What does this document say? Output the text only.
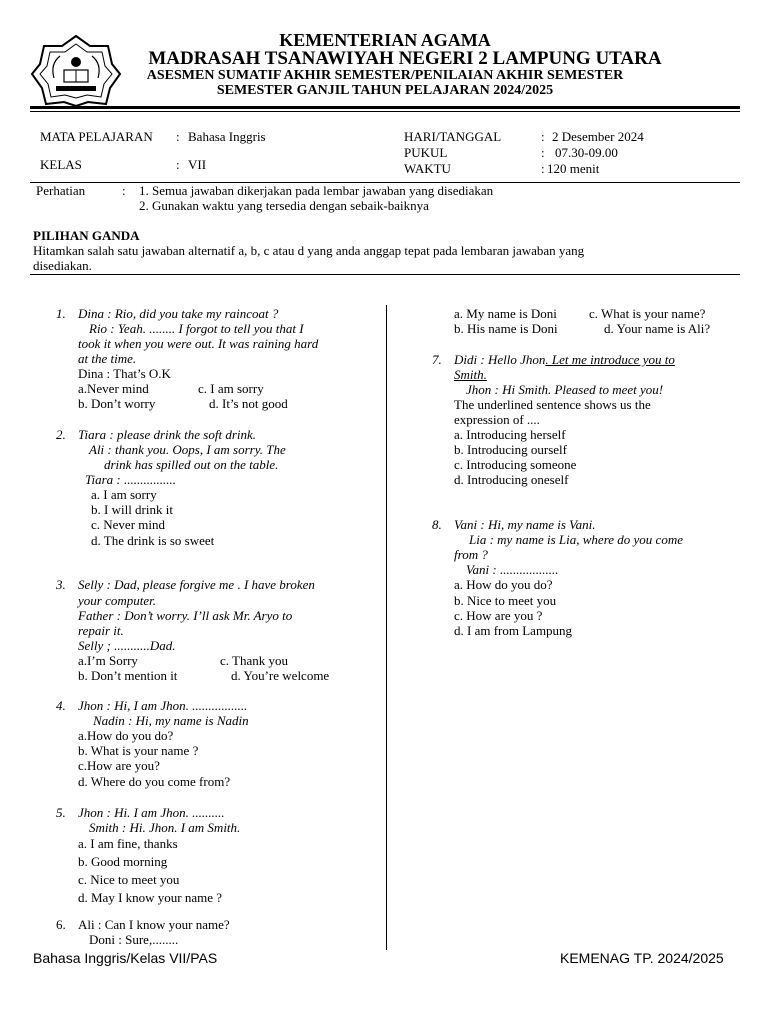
KEMENTERIAN AGAMA
MADRASAH TSANAWIYAH NEGERI 2 LAMPUNG UTARA
ASESMEN SUMATIF AKHIR SEMESTER/PENILAIAN AKHIR SEMESTER
SEMESTER GANJIL TAHUN PELAJARAN 2024/2025
MATA PELAJARAN : Bahasa Inggris
KELAS	: VII
HARI/TANGGAL	: 2 Desember 2024
PUKUL	: 07.30-09.00
WAKTU	: 120 menit
Perhatian	: 1. Semua jawaban dikerjakan pada lembar jawaban yang disediakan
2. Gunakan waktu yang tersedia dengan sebaik-baiknya
PILIHAN GANDA
Hitamkan salah satu jawaban alternatif a, b, c atau d yang anda anggap tepat pada lembaran jawaban yang
disediakan.
1. Dina : Rio, did you take my raincoat ?
Rio : Yeah. ........ I forgot to tell you that I
took it when you were out. It was raining hard
at the time.
Dina : That’s O.K
a.Never mind	c. I am sorry
b. Don’t worry	d. It’s not good
2. Tiara : please drink the soft drink.
Ali : thank you. Oops, I am sorry. The
drink has spilled out on the table.
Tiara : ................
a. I am sorry
b. I will drink it
c. Never mind
d. The drink is so sweet
3. Selly : Dad, please forgive me . I have broken
your computer.
Father : Don’t worry. I’ll ask Mr. Aryo to
repair it.
Selly ; ...........Dad.
a.I’m Sorry	c. Thank you
b. Don’t mention it	d. You’re welcome
4. Jhon : Hi, I am Jhon. .................
Nadin : Hi, my name is Nadin
a.How do you do?
b. What is your name ?
c.How are you?
d. Where do you come from?
5. Jhon : Hi. I am Jhon. ..........
Smith : Hi. Jhon. I am Smith.
a. I am fine, thanks
b. Good morning
c. Nice to meet you
d. May I know your name ?
6. Ali : Can I know your name?
Doni : Sure,........
a. My name is Doni c. What is your name?
b. His name is Doni	d. Your name is Ali?
7. Didi : Hello Jhon. Let me introduce you to
Smith.
Jhon : Hi Smith. Pleased to meet you!
The underlined sentence shows us the
expression of ....
a. Introducing herself
b. Introducing ourself
c. Introducing someone
d. Introducing oneself
8. Vani : Hi, my name is Vani.
Lia : my name is Lia, where do you come
from ?
Vani : ..................
a. How do you do?
b. Nice to meet you
c. How are you ?
d. I am from Lampung
Bahasa Inggris/Kelas VII/PAS	KEMENAG TP. 2024/2025
